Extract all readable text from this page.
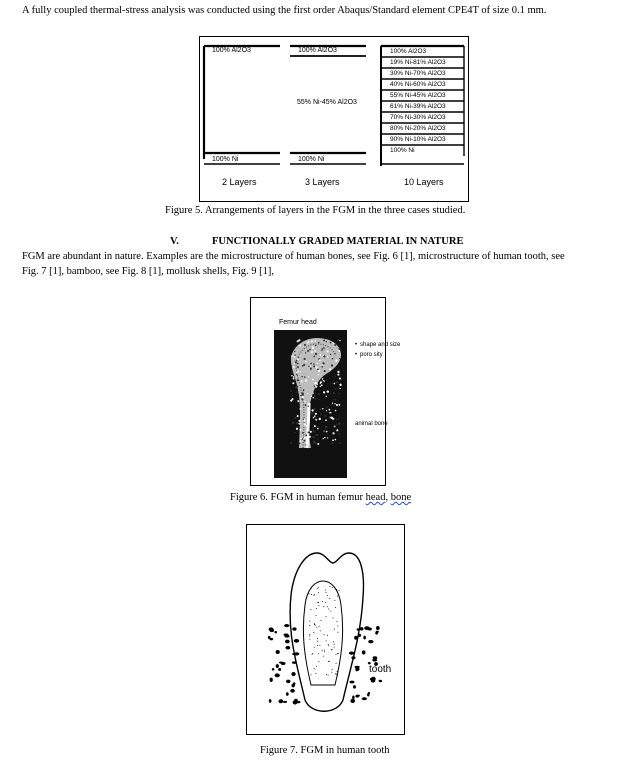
A fully coupled thermal-stress analysis was conducted using the first order Abaqus/Standard element CPE4T of size 0.1 mm.
100% Al2O3
100% Ni
2 Layers
100% Al2O3
55% Ni-45% Al2O3
100% Ni
3 Layers	10 Layers
100% Al2O3
19% Ni-81% Al2O3
30% Ni-70% Al2O3
40% Ni-60% Al2O3
55% Ni-45% Al2O3
61% Ni-39% Al2O3
70% Ni-30% Al2O3
80% Ni-20% Al2O3
90% Ni-10% Al2O3
100% Ni
Figure 5. Arrangements of layers in the FGM in the three cases studied.
V.	FUNCTIONALLY GRADED MATERIAL IN NATURE
FGM are abundant in nature. Examples are the microstructure of human bones, see Fig. 6 [1], microstructure of human tooth, see
Fig. 7 [1], bamboo, see Fig. 8 [1], mollusk shells, Fig. 9 [1],
Femur head
• shape and size
• poro sity
animal bone
Figure 6. FGM in human femur head, bone
tooth
Figure 7. FGM in human tooth
